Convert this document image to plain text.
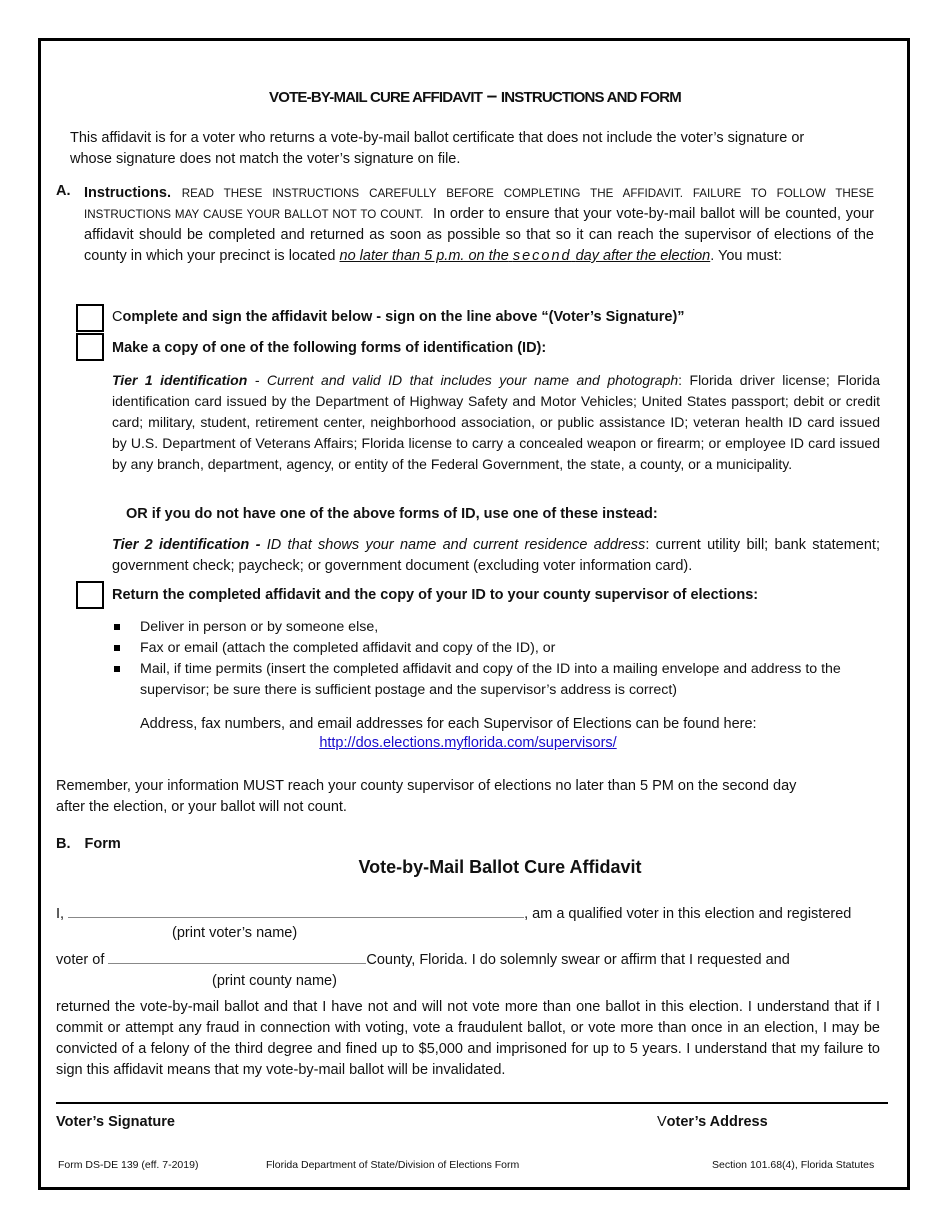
VOTE-BY-MAIL CURE AFFIDAVIT – INSTRUCTIONS AND FORM
This affidavit is for a voter who returns a vote-by-mail ballot certificate that does not include the voter’s signature or whose signature does not match the voter’s signature on file.
A. Instructions. READ THESE INSTRUCTIONS CAREFULLY BEFORE COMPLETING THE AFFIDAVIT. FAILURE TO FOLLOW THESE INSTRUCTIONS MAY CAUSE YOUR BALLOT NOT TO COUNT. In order to ensure that your vote-by-mail ballot will be counted, your affidavit should be completed and returned as soon as possible so that so it can reach the supervisor of elections of the county in which your precinct is located no later than 5 p.m. on the second day after the election. You must:
Complete and sign the affidavit below - sign on the line above “(Voter’s Signature)”
Make a copy of one of the following forms of identification (ID):
Tier 1 identification - Current and valid ID that includes your name and photograph: Florida driver license; Florida identification card issued by the Department of Highway Safety and Motor Vehicles; United States passport; debit or credit card; military, student, retirement center, neighborhood association, or public assistance ID; veteran health ID card issued by U.S. Department of Veterans Affairs; Florida license to carry a concealed weapon or firearm; or employee ID card issued by any branch, department, agency, or entity of the Federal Government, the state, a county, or a municipality.
OR if you do not have one of the above forms of ID, use one of these instead:
Tier 2 identification - ID that shows your name and current residence address: current utility bill; bank statement; government check; paycheck; or government document (excluding voter information card).
Return the completed affidavit and the copy of your ID to your county supervisor of elections:
Deliver in person or by someone else,
Fax or email (attach the completed affidavit and copy of the ID), or
Mail, if time permits (insert the completed affidavit and copy of the ID into a mailing envelope and address to the supervisor; be sure there is sufficient postage and the supervisor’s address is correct)
Address, fax numbers, and email addresses for each Supervisor of Elections can be found here:
http://dos.elections.myflorida.com/supervisors/
Remember, your information MUST reach your county supervisor of elections no later than 5 PM on the second day after the election, or your ballot will not count.
B. Form
Vote-by-Mail Ballot Cure Affidavit
I,	, am a qualified voter in this election and registered
(print voter’s name)
voter of	County, Florida. I do solemnly swear or affirm that I requested and
(print county name)
returned the vote-by-mail ballot and that I have not and will not vote more than one ballot in this election. I understand that if I commit or attempt any fraud in connection with voting, vote a fraudulent ballot, or vote more than once in an election, I may be convicted of a felony of the third degree and fined up to $5,000 and imprisoned for up to 5 years. I understand that my failure to sign this affidavit means that my vote-by-mail ballot will be invalidated.
Voter’s Signature	Voter’s Address
Form DS-DE 139 (eff. 7-2019)	Florida Department of State/Division of Elections Form	Section 101.68(4), Florida Statutes
